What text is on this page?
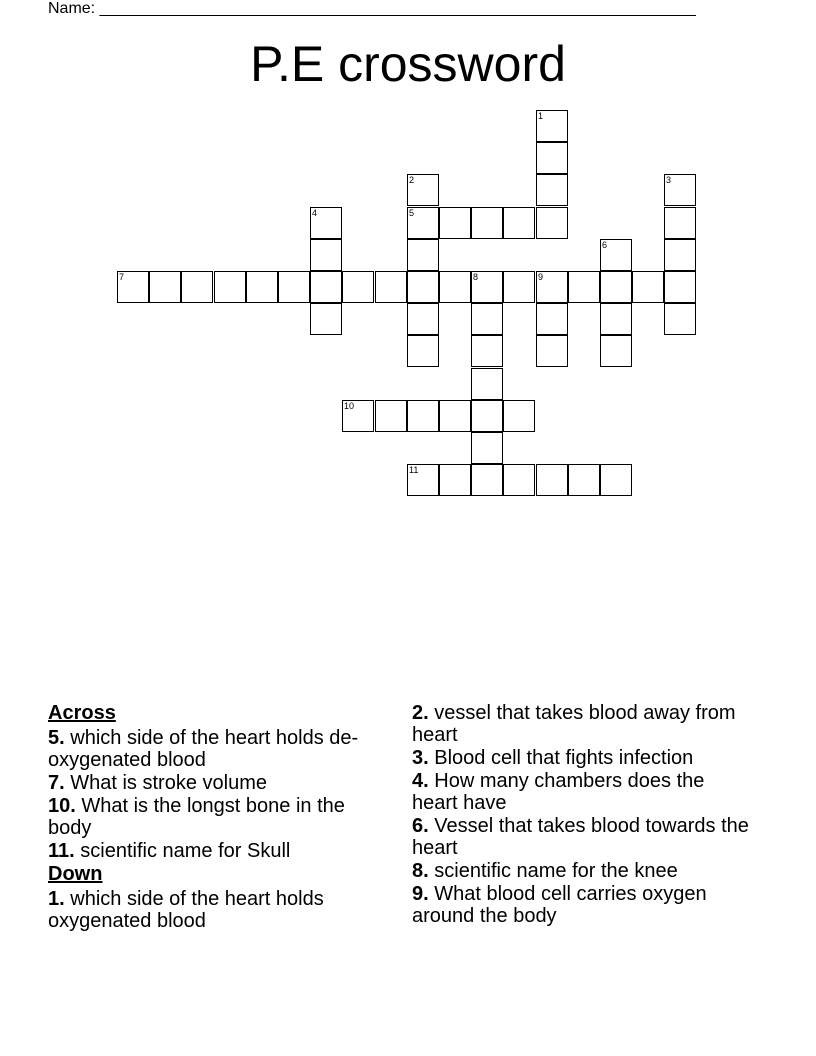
Name: ___________________________________________________________________
P.E crossword
5
7
10
11
1
2	3
4
6
8	9
Across
5. which side of the heart holds de-oxygenated blood
7. What is stroke volume
10. What is the longst bone in the body
11. scientific name for Skull
Down
1. which side of the heart holds oxygenated blood
2. vessel that takes blood away from heart
3. Blood cell that fights infection
4. How many chambers does the heart have
6. Vessel that takes blood towards the heart
8. scientific name for the knee
9. What blood cell carries oxygen around the body
